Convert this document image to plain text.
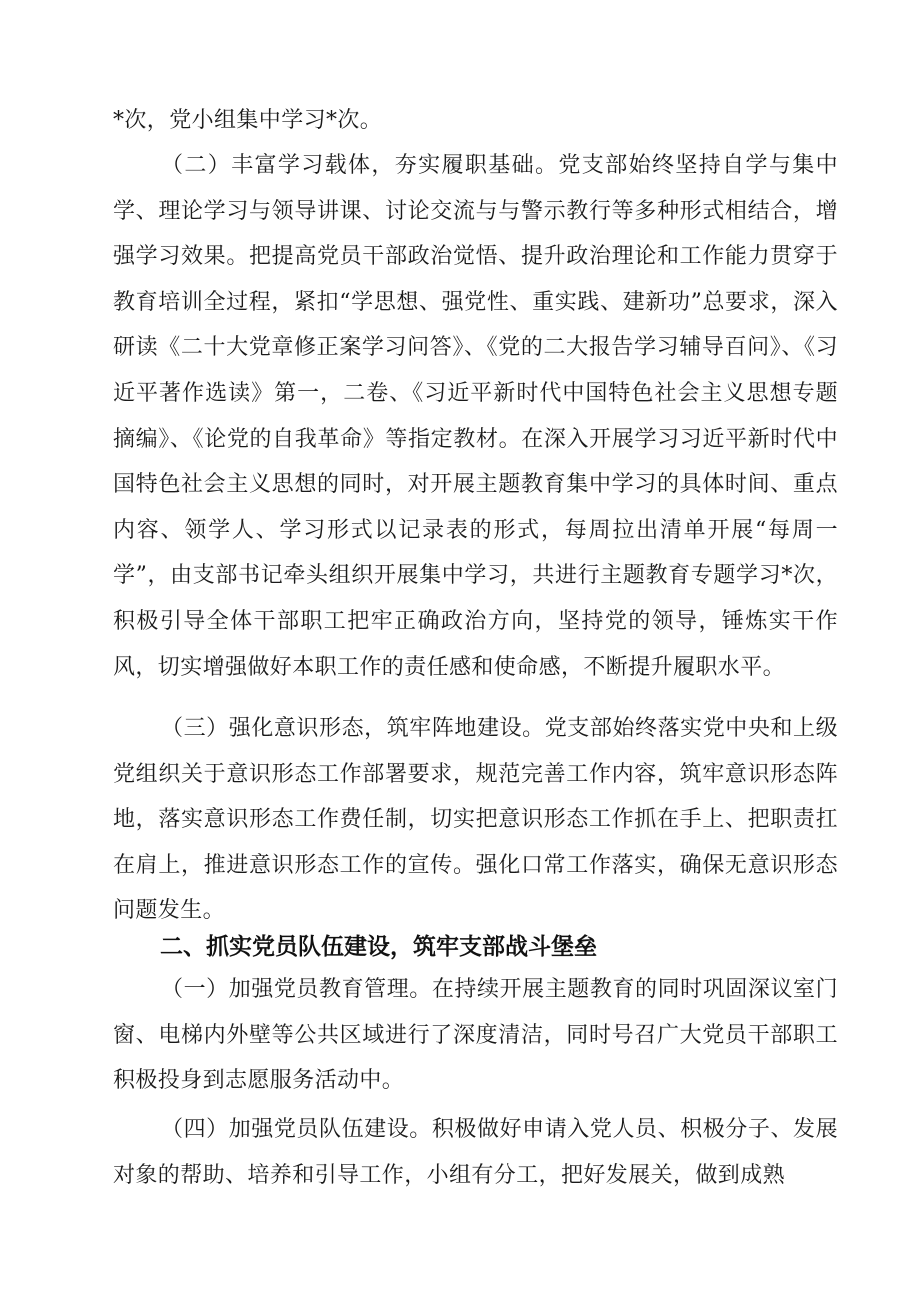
*次，党小组集中学习*次。

（二）丰富学习载体，夯实履职基础。党支部始终坚持自学与集中学、理论学习与领导讲课、讨论交流与与警示教行等多种形式相结合，增强学习效果。把提高党员干部政治觉悟、提升政治理论和工作能力贯穿于教育培训全过程，紧扣“学思想、强党性、重实践、建新功”总要求，深入研读《二十大党章修正案学习问答》、《党的二大报告学习辅导百问》、《习近平著作选读》第一，二卷、《习近平新时代中国特色社会主义思想专题摘编》、《论党的自我革命》等指定教材。在深入开展学习习近平新时代中国特色社会主义思想的同时，对开展主题教育集中学习的具体时间、重点内容、领学人、学习形式以记录表的形式，每周拉出清单开展“每周一学”，由支部书记牵头组织开展集中学习，共进行主题教育专题学习*次，积极引导全体干部职工把牢正确政治方向，坚持党的领导，锤炼实干作风，切实增强做好本职工作的责任感和使命感，不断提升履职水平。

（三）强化意识形态，筑牢阵地建设。党支部始终落实党中央和上级党组织关于意识形态工作部署要求，规范完善工作内容，筑牢意识形态阵地，落实意识形态工作费任制，切实把意识形态工作抓在手上、把职责扛在肩上，推进意识形态工作的宣传。强化口常工作落实，确保无意识形态问题发生。

二、抓实党员队伍建设，筑牢支部战斗堡垒

（一）加强党员教育管理。在持续开展主题教育的同时巩固深议室门窗、电梯内外壁等公共区域进行了深度清洁，同时号召广大党员干部职工积极投身到志愿服务活动中。

（四）加强党员队伍建设。积极做好申请入党人员、枳极分子、发展对象的帮助、培养和引导工作，小组有分工，把好发展关，做到成熟
